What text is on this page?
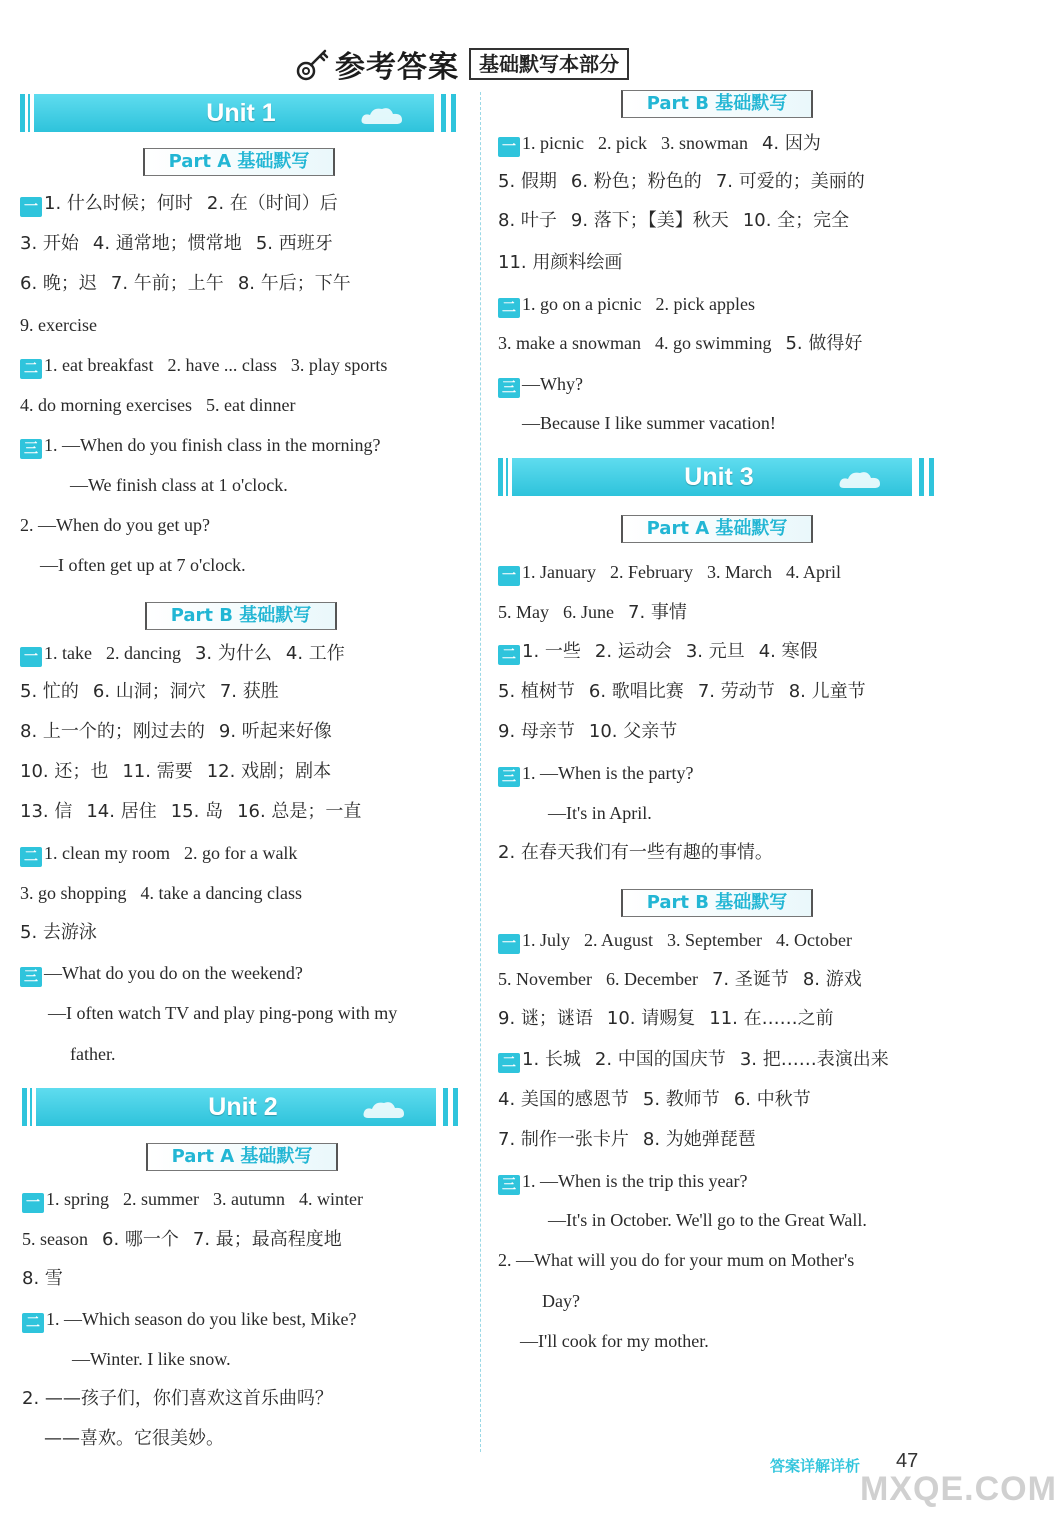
参考答案	基础默写本部分
Unit 1
Part A 基础默写
一 1. 什么时候；何时 2. 在（时间）后
3. 开始 4. 通常地；惯常地 5. 西班牙
6. 晚；迟 7. 午前；上午 8. 午后；下午
9. exercise
二 1. eat breakfast 2. have ... class 3. play sports
4. do morning exercises 5. eat dinner
三 1. —When do you finish class in the morning?
—We finish class at 1 o'clock.
2. —When do you get up?
—I often get up at 7 o'clock.
Part B 基础默写
一 1. take 2. dancing 3. 为什么 4. 工作
5. 忙的 6. 山洞；洞穴 7. 获胜
8. 上一个的；刚过去的 9. 听起来好像
10. 还；也 11. 需要 12. 戏剧；剧本
13. 信 14. 居住 15. 岛 16. 总是；一直
二 1. clean my room 2. go for a walk
3. go shopping 4. take a dancing class
5. 去游泳
三 —What do you do on the weekend?
—I often watch TV and play ping-pong with my
father.
Unit 2
Part A 基础默写
一 1. spring 2. summer 3. autumn 4. winter
5. season 6. 哪一个 7. 最；最高程度地
8. 雪
二 1. —Which season do you like best, Mike?
—Winter. I like snow.
2. ——孩子们，你们喜欢这首乐曲吗？
——喜欢。它很美妙。
Part B 基础默写
一 1. picnic 2. pick 3. snowman 4. 因为
5. 假期 6. 粉色；粉色的 7. 可爱的；美丽的
8. 叶子 9. 落下；【美】秋天 10. 全；完全
11. 用颜料绘画
二 1. go on a picnic 2. pick apples
3. make a snowman 4. go swimming 5. 做得好
三 —Why?
—Because I like summer vacation!
Unit 3
Part A 基础默写
一 1. January 2. February 3. March 4. April
5. May 6. June 7. 事情
二 1. 一些 2. 运动会 3. 元旦 4. 寒假
5. 植树节 6. 歌唱比赛 7. 劳动节 8. 儿童节
9. 母亲节 10. 父亲节
三 1. —When is the party?
—It's in April.
2. 在春天我们有一些有趣的事情。
Part B 基础默写
一 1. July 2. August 3. September 4. October
5. November 6. December 7. 圣诞节 8. 游戏
9. 谜；谜语 10. 请赐复 11. 在……之前
二 1. 长城 2. 中国的国庆节 3. 把……表演出来
4. 美国的感恩节 5. 教师节 6. 中秋节
7. 制作一张卡片 8. 为她弹琵琶
三 1. —When is the trip this year?
—It's in October. We'll go to the Great Wall.
2. —What will you do for your mum on Mother's
Day?
—I'll cook for my mother.
答案详解详析 47
MXQE.COM
